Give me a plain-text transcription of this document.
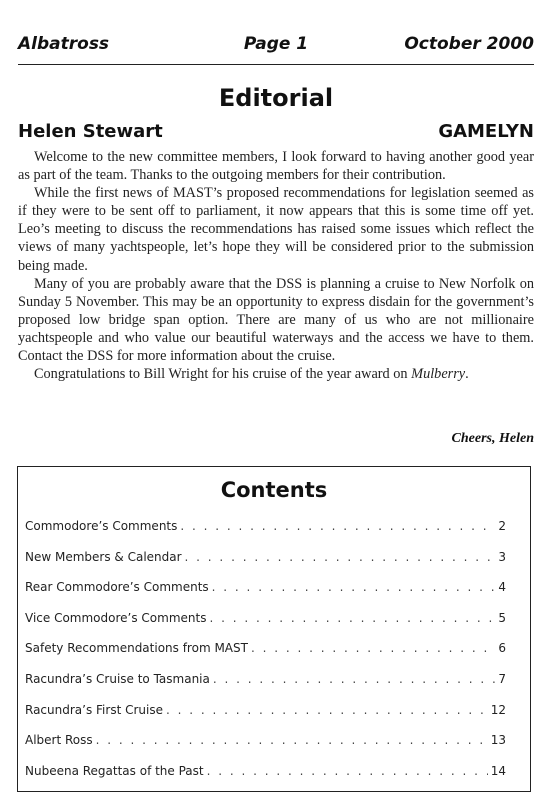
Albatross	Page 1	October 2000
Editorial
Helen Stewart	GAMELYN

Welcome to the new committee members, I look forward to having another good year as part of the team. Thanks to the outgoing members for their contribution.

While the first news of MAST’s proposed recommendations for legislation seemed as if they were to be sent off to parliament, it now appears that this is some time off yet. Leo’s meeting to discuss the recommendations has raised some issues which reflect the views of many yachtspeople, let’s hope they will be considered prior to the submission being made.

Many of you are probably aware that the DSS is planning a cruise to New Norfolk on Sunday 5 November. This may be an opportunity to express disdain for the government’s proposed low bridge span option. There are many of us who are not millionaire yachtspeople and who value our beautiful waterways and the access we have to them. Contact the DSS for more information about the cruise.

Congratulations to Bill Wright for his cruise of the year award on Mulberry.

Cheers, Helen
Contents
Commodore’s Comments . . .	2
New Members & Calendar . . .	3
Rear Commodore’s Comments . . .	4
Vice Commodore’s Comments . . .	5
Safety Recommendations from MAST . . .	6
Racundra’s Cruise to Tasmania . . .	7
Racundra’s First Cruise . . .	12
Albert Ross . . .	13
Nubeena Regattas of the Past . . .	14
